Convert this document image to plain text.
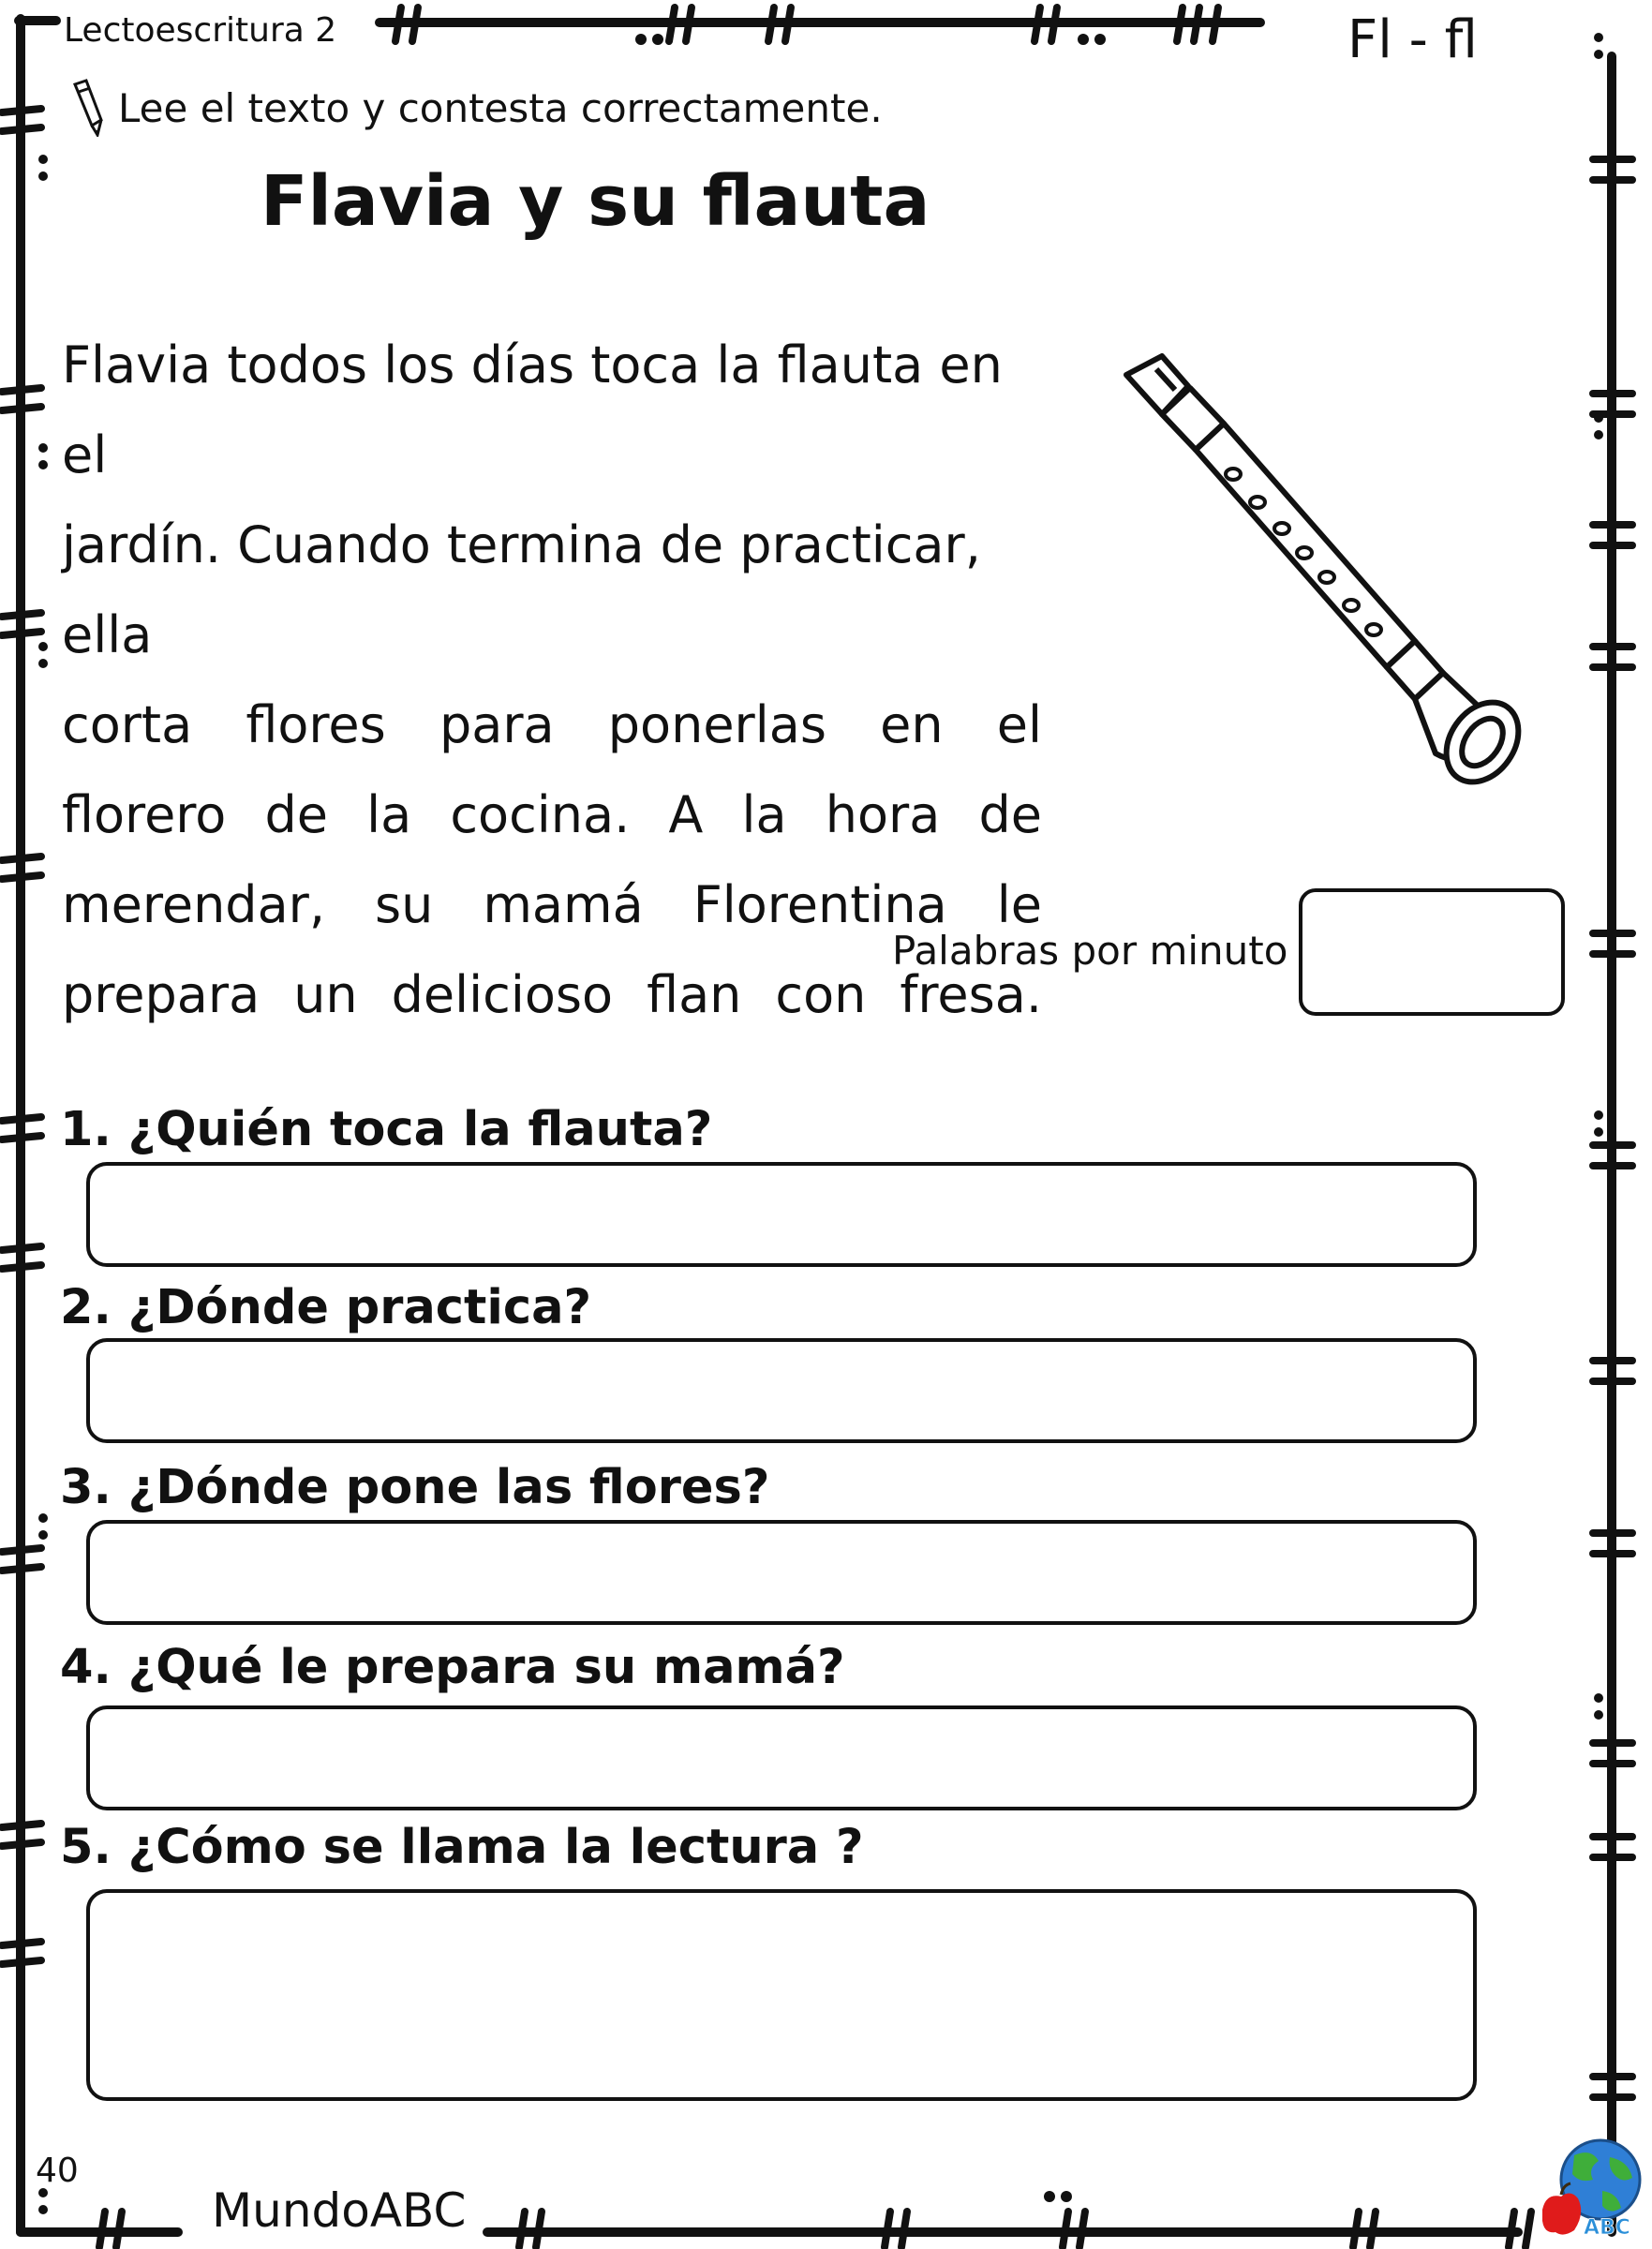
Lectoescritura 2	Fl - fl
Lee el texto y contesta correctamente.
Flavia y su flauta
Flavia todos los días toca la flauta en el
jardín. Cuando termina de practicar, ella
corta flores para ponerlas en el
florero de la cocina. A la hora de
merendar, su mamá Florentina le
prepara un delicioso flan con fresa.
Palabras por minuto
1. ¿Quién toca la flauta?
2. ¿Dónde practica?
3. ¿Dónde pone las flores?
4. ¿Qué le prepara su mamá?
5. ¿Cómo se llama la lectura ?
40
MundoABC	ABC
